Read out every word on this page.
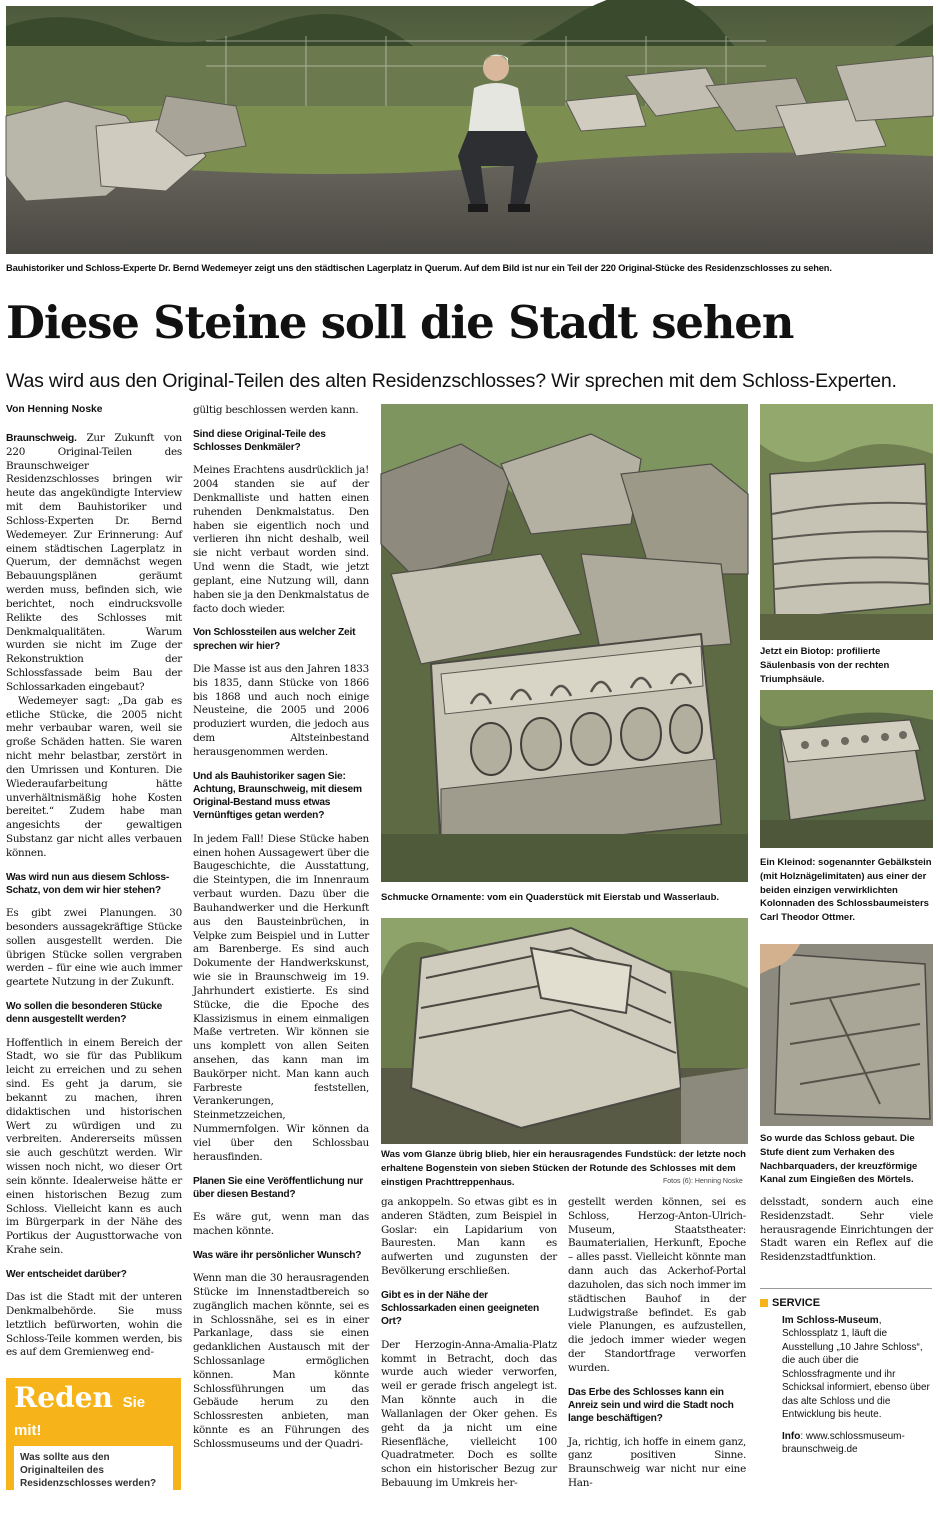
Bauhistoriker und Schloss-Experte Dr. Bernd Wedemeyer zeigt uns den städtischen Lagerplatz in Querum. Auf dem Bild ist nur ein Teil der 220 Original-Stücke des Residenzschlosses zu sehen.
Diese Steine soll die Stadt sehen
Was wird aus den Original-Teilen des alten Residenzschlosses? Wir sprechen mit dem Schloss-Experten.
Von Henning Noske

Braunschweig. Zur Zukunft von 220 Original-Teilen des Braunschweiger Residenzschlosses bringen wir heute das angekündigte Interview mit dem Bauhistoriker und Schloss-Experten Dr. Bernd Wedemeyer. Zur Erinnerung: Auf einem städtischen Lagerplatz in Querum, der demnächst wegen Bebauungsplänen geräumt werden muss, befinden sich, wie berichtet, noch eindrucksvolle Relikte des Schlosses mit Denkmalqualitäten. Warum wurden sie nicht im Zuge der Rekonstruktion der Schlossfassade beim Bau der Schlossarkaden eingebaut?

Wedemeyer sagt: „Da gab es etliche Stücke, die 2005 nicht mehr verbaubar waren, weil sie große Schäden hatten. Sie waren nicht mehr belastbar, zerstört in den Umrissen und Konturen. Die Wiederaufarbeitung hätte unverhältnismäßig hohe Kosten bereitet.“ Zudem habe man angesichts der gewaltigen Substanz gar nicht alles verbauen können.

Was wird nun aus diesem Schloss-Schatz, von dem wir hier stehen?

Es gibt zwei Planungen. 30 besonders aussagekräftige Stücke sollen ausgestellt werden. Die übrigen Stücke sollen vergraben werden – für eine wie auch immer geartete Nutzung in der Zukunft.

Wo sollen die besonderen Stücke denn ausgestellt werden?

Hoffentlich in einem Bereich der Stadt, wo sie für das Publikum leicht zu erreichen und zu sehen sind. Es geht ja darum, sie bekannt zu machen, ihren didaktischen und historischen Wert zu würdigen und zu verbreiten. Andererseits müssen sie auch geschützt werden. Wir wissen noch nicht, wo dieser Ort sein könnte. Idealerweise hätte er einen historischen Bezug zum Schloss. Vielleicht kann es auch im Bürgerpark in der Nähe des Portikus der Augusttorwache von Krahe sein.

Wer entscheidet darüber?

Das ist die Stadt mit der unteren Denkmalbehörde. Sie muss letztlich befürworten, wohin die Schloss-Teile kommen werden, bis es auf dem Gremienweg end-

gültig beschlossen werden kann.

Sind diese Original-Teile des Schlosses Denkmäler?

Meines Erachtens ausdrücklich ja! 2004 standen sie auf der Denkmalliste und hatten einen ruhenden Denkmalstatus. Den haben sie eigentlich noch und verlieren ihn nicht deshalb, weil sie nicht verbaut worden sind. Und wenn die Stadt, wie jetzt geplant, eine Nutzung will, dann haben sie ja den Denkmalstatus de facto doch wieder.

Von Schlossteilen aus welcher Zeit sprechen wir hier?

Die Masse ist aus den Jahren 1833 bis 1835, dann Stücke von 1866 bis 1868 und auch noch einige Neusteine, die 2005 und 2006 produziert wurden, die jedoch aus dem Altsteinbestand herausgenommen werden.

Und als Bauhistoriker sagen Sie: Achtung, Braunschweig, mit diesem Original-Bestand muss etwas Vernünftiges getan werden?

In jedem Fall! Diese Stücke haben einen hohen Aussagewert über die Baugeschichte, die Ausstattung, die Steintypen, die im Innenraum verbaut wurden. Dazu über die Bauhandwerker und die Herkunft aus den Bausteinbrüchen, in Velpke zum Beispiel und in Lutter am Barenberge. Es sind auch Dokumente der Handwerkskunst, wie sie in Braunschweig im 19. Jahrhundert existierte. Es sind Stücke, die die Epoche des Klassizismus in einem einmaligen Maße vertreten. Wir können sie uns komplett von allen Seiten ansehen, das kann man im Baukörper nicht. Man kann auch Farbreste feststellen, Verankerungen, Steinmetzzeichen, Nummernfolgen. Wir können da viel über den Schlossbau herausfinden.

Planen Sie eine Veröffentlichung nur über diesen Bestand?

Es wäre gut, wenn man das machen könnte.

Was wäre ihr persönlicher Wunsch?

Wenn man die 30 herausragenden Stücke im Innenstadtbereich so zugänglich machen könnte, sei es in Schlossnähe, sei es in einer Parkanlage, dass sie einen gedanklichen Austausch mit der Schlossanlage ermöglichen können. Man könnte Schlossführungen um das Gebäude herum zu den Schlossresten anbieten, man könnte es an Führungen des Schlossmuseums und der Quadri-

Schmucke Ornamente: vom ein Quaderstück mit Eierstab und Wasserlaub.
Was vom Glanze übrig blieb, hier ein herausragendes Fundstück: der letzte noch erhaltene Bogenstein von sieben Stücken der Rotunde des Schlosses mit dem einstigen Prachttreppenhaus.	Fotos (6): Henning Noske

ga ankoppeln. So etwas gibt es in anderen Städten, zum Beispiel in Goslar: ein Lapidarium von Bauresten. Man kann es aufwerten und zugunsten der Bevölkerung erschließen.

Gibt es in der Nähe der Schlossarkaden einen geeigneten Ort?

Der Herzogin-Anna-Amalia-Platz kommt in Betracht, doch das wurde auch wieder verworfen, weil er gerade frisch angelegt ist. Man könnte auch in die Wallanlagen der Oker gehen. Es geht da ja nicht um eine Riesenfläche, vielleicht 100 Quadratmeter. Doch es sollte schon ein historischer Bezug zur Bebauung im Umkreis her-

gestellt werden können, sei es Schloss, Herzog-Anton-Ulrich-Museum, Staatstheater: Baumaterialien, Herkunft, Epoche – alles passt. Vielleicht könnte man dann auch das Ackerhof-Portal dazuholen, das sich noch immer im städtischen Bauhof in der Ludwigstraße befindet. Es gab viele Planungen, es aufzustellen, die jedoch immer wieder wegen der Standortfrage verworfen wurden.

Das Erbe des Schlosses kann ein Anreiz sein und wird die Stadt noch lange beschäftigen?

Ja, richtig, ich hoffe in einem ganz, ganz positiven Sinne. Braunschweig war nicht nur eine Han-

Jetzt ein Biotop: profilierte Säulenbasis von der rechten Triumphsäule.
Ein Kleinod: sogenannter Gebälkstein (mit Holznägelimitaten) aus einer der beiden einzigen verwirklichten Kolonnaden des Schlossbaumeisters Carl Theodor Ottmer.
So wurde das Schloss gebaut. Die Stufe dient zum Verhaken des Nachbarquaders, der kreuzförmige Kanal zum Eingießen des Mörtels.

delsstadt, sondern auch eine Residenzstadt. Sehr viele herausragende Einrichtungen der Stadt waren ein Reflex auf die Residenzstadtfunktion.

SERVICE
Im Schloss-Museum, Schlossplatz 1, läuft die Ausstellung „10 Jahre Schloss“, die auch über die Schlossfragmente und ihr Schicksal informiert, ebenso über das alte Schloss und die Entwicklung bis heute.
Info: www.schlossmuseum-braunschweig.de
Reden Sie mit!
Was sollte aus den Originalteilen des Residenzschlosses werden?
braunschweiger-zeitung.de
